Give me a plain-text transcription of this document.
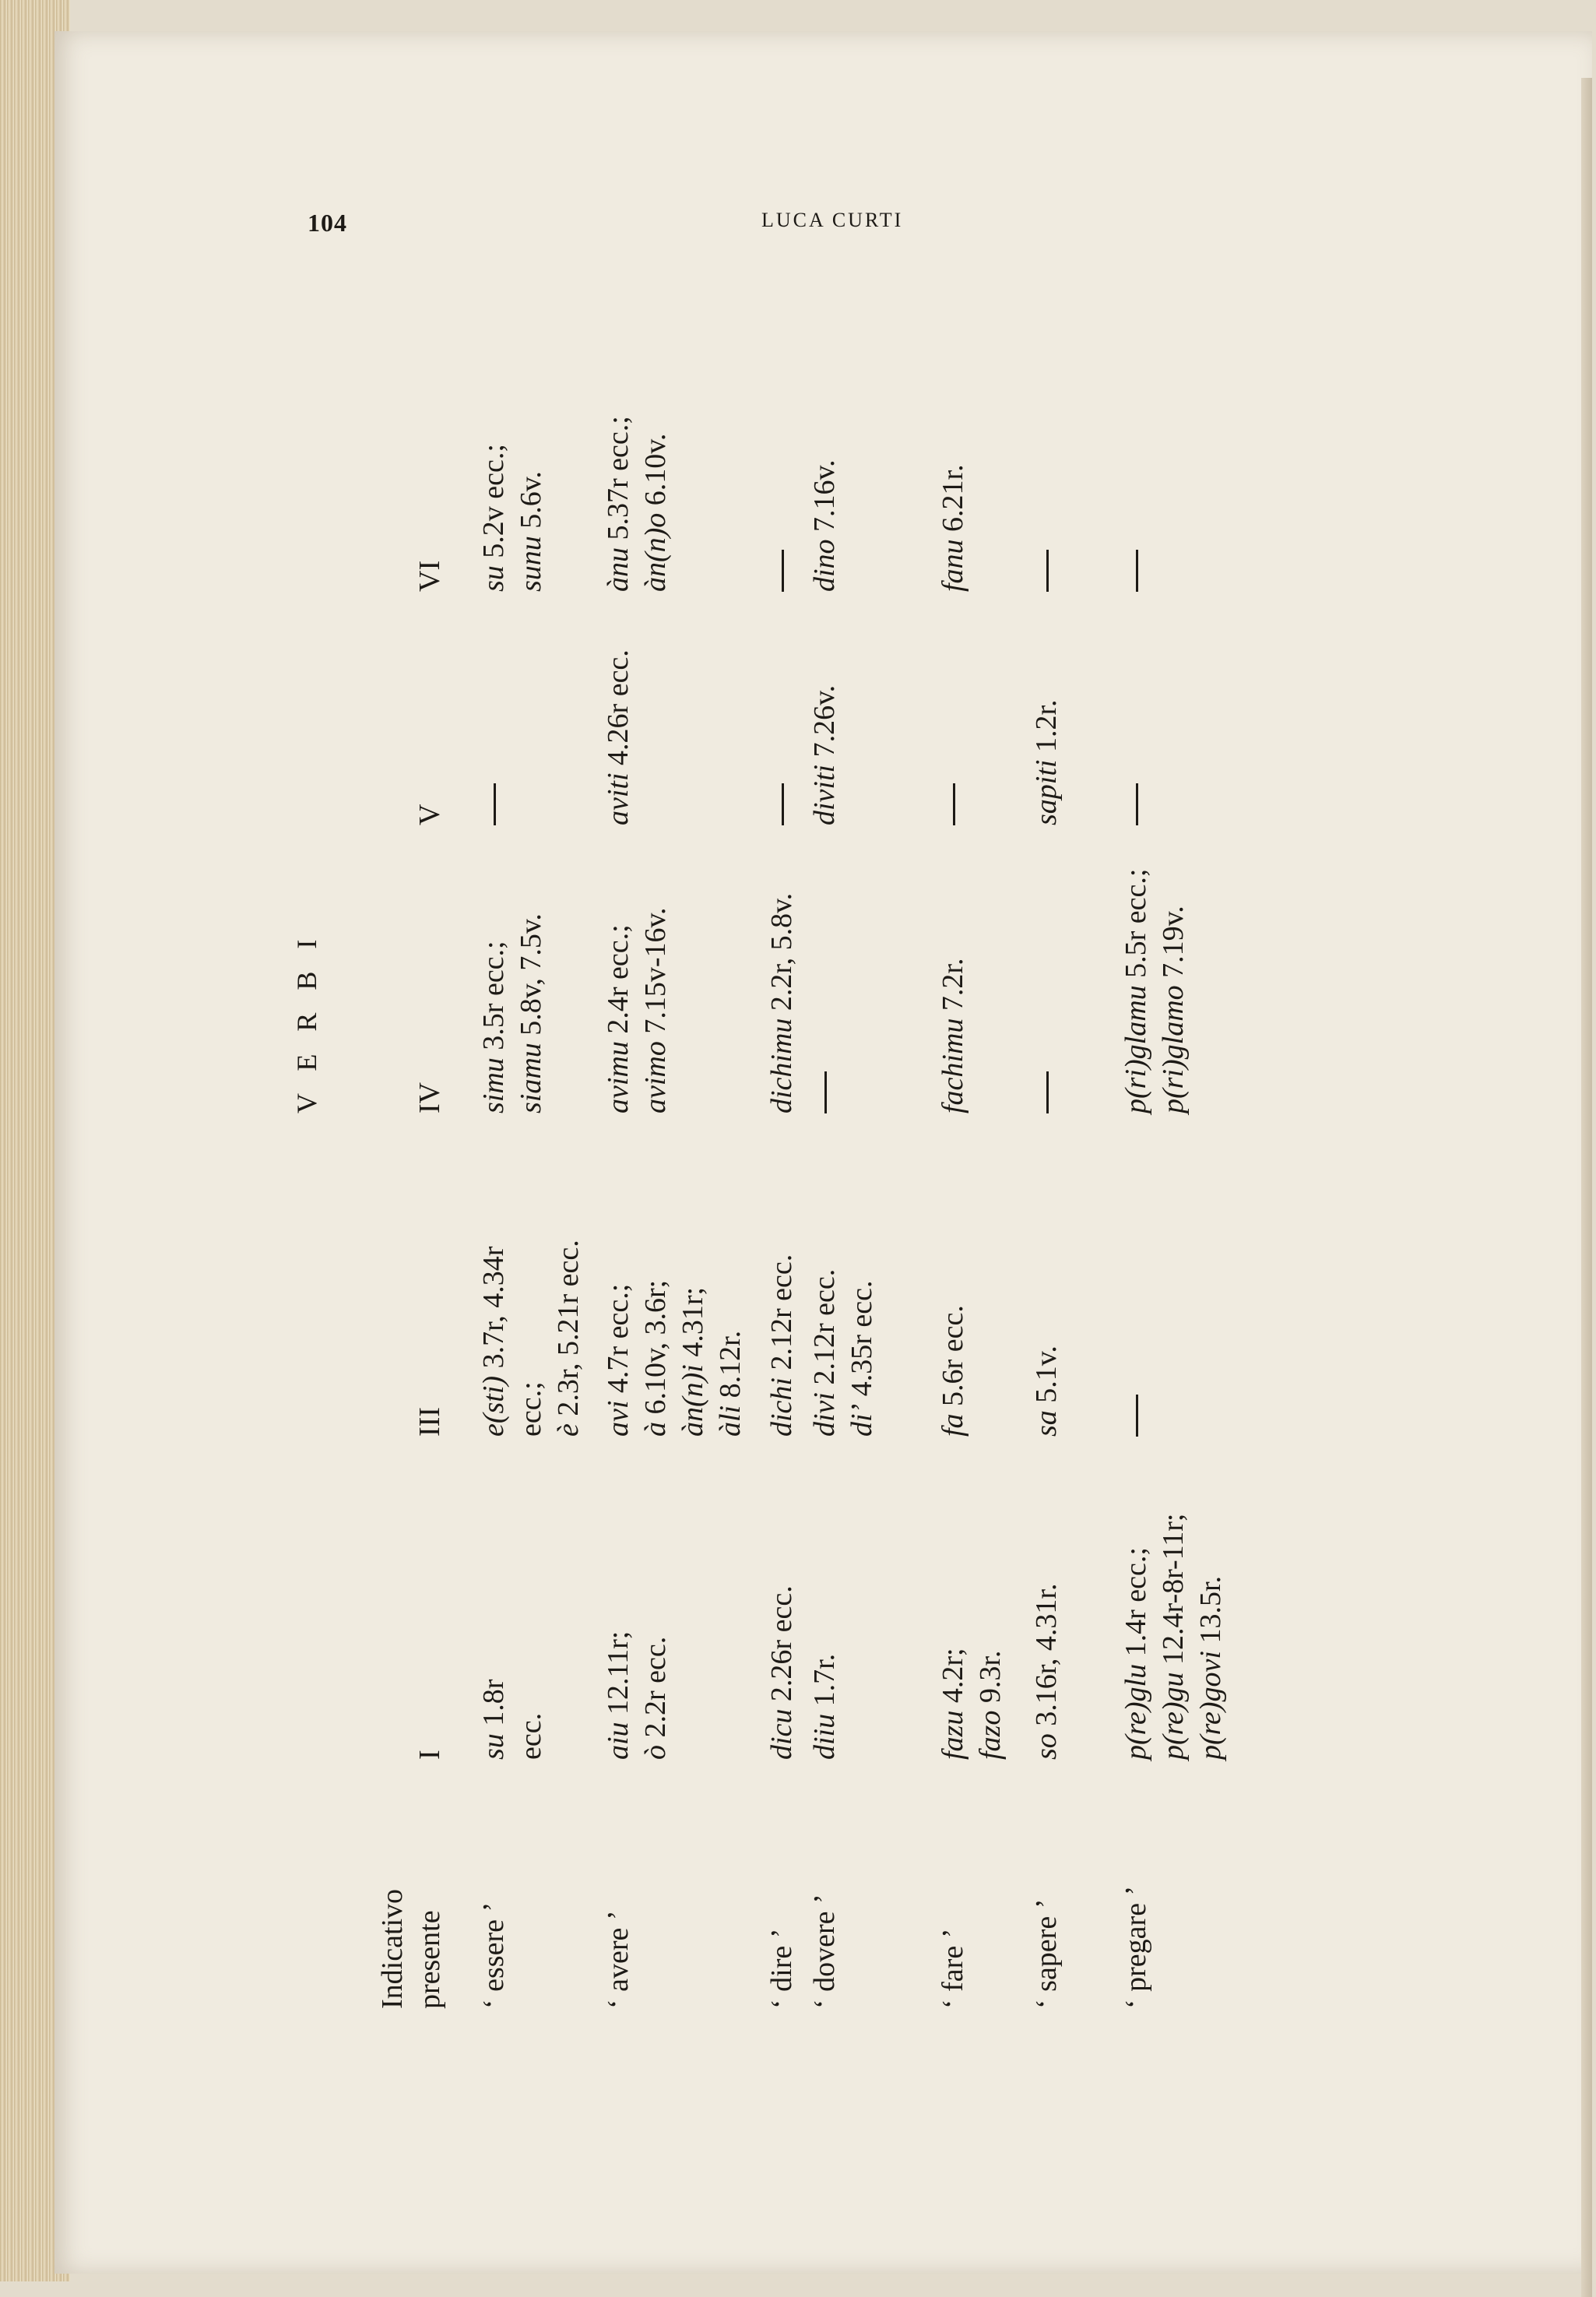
104	LUCA CURTI
V E R B I
Indicativo presente
I
III
IV
V
VI
‘ essere ’
su 1.8r
ecc.
e(sti) 3.7r, 4.34r
ecc.; è 2.3r, 5.21r ecc.
simu 3.5r ecc.;
siamu 5.8v, 7.5v.
su 5.2v ecc.; sunu 5.6v.
‘ avere ’
aiu 12.11r;
ò 2.2r ecc.
avi 4.7r ecc.;
à 6.10v, 3.6r; àn(n)i 4.31r;
àli 8.12r.
avimu 2.4r ecc.;
avimo 7.15v-16v.
aviti 4.26r ecc.
ànu 5.37r ecc.;
àn(n)o 6.10v.
‘ dire ’
dicu 2.26r ecc.
dichi 2.12r ecc.
dichimu 2.2r, 5.8v.
‘ dovere ’
diiu 1.7r.
divi 2.12r ecc.
di’ 4.35r ecc.
diviti 7.26v.
dino 7.16v.
‘ fare ’
fazu 4.2r;
fazo 9.3r.
fa 5.6r ecc.
fachimu 7.2r.
fanu 6.21r.
‘ sapere ’
so 3.16r, 4.31r.
sa 5.1v.
sapiti 1.2r.
‘ pregare ’
p(re)glu 1.4r ecc.;
p(re)gu 12.4r-8r-11r;
p(re)govi 13.5r.
p(ri)glamu 5.5r ecc.;
p(ri)glamo 7.19v.
